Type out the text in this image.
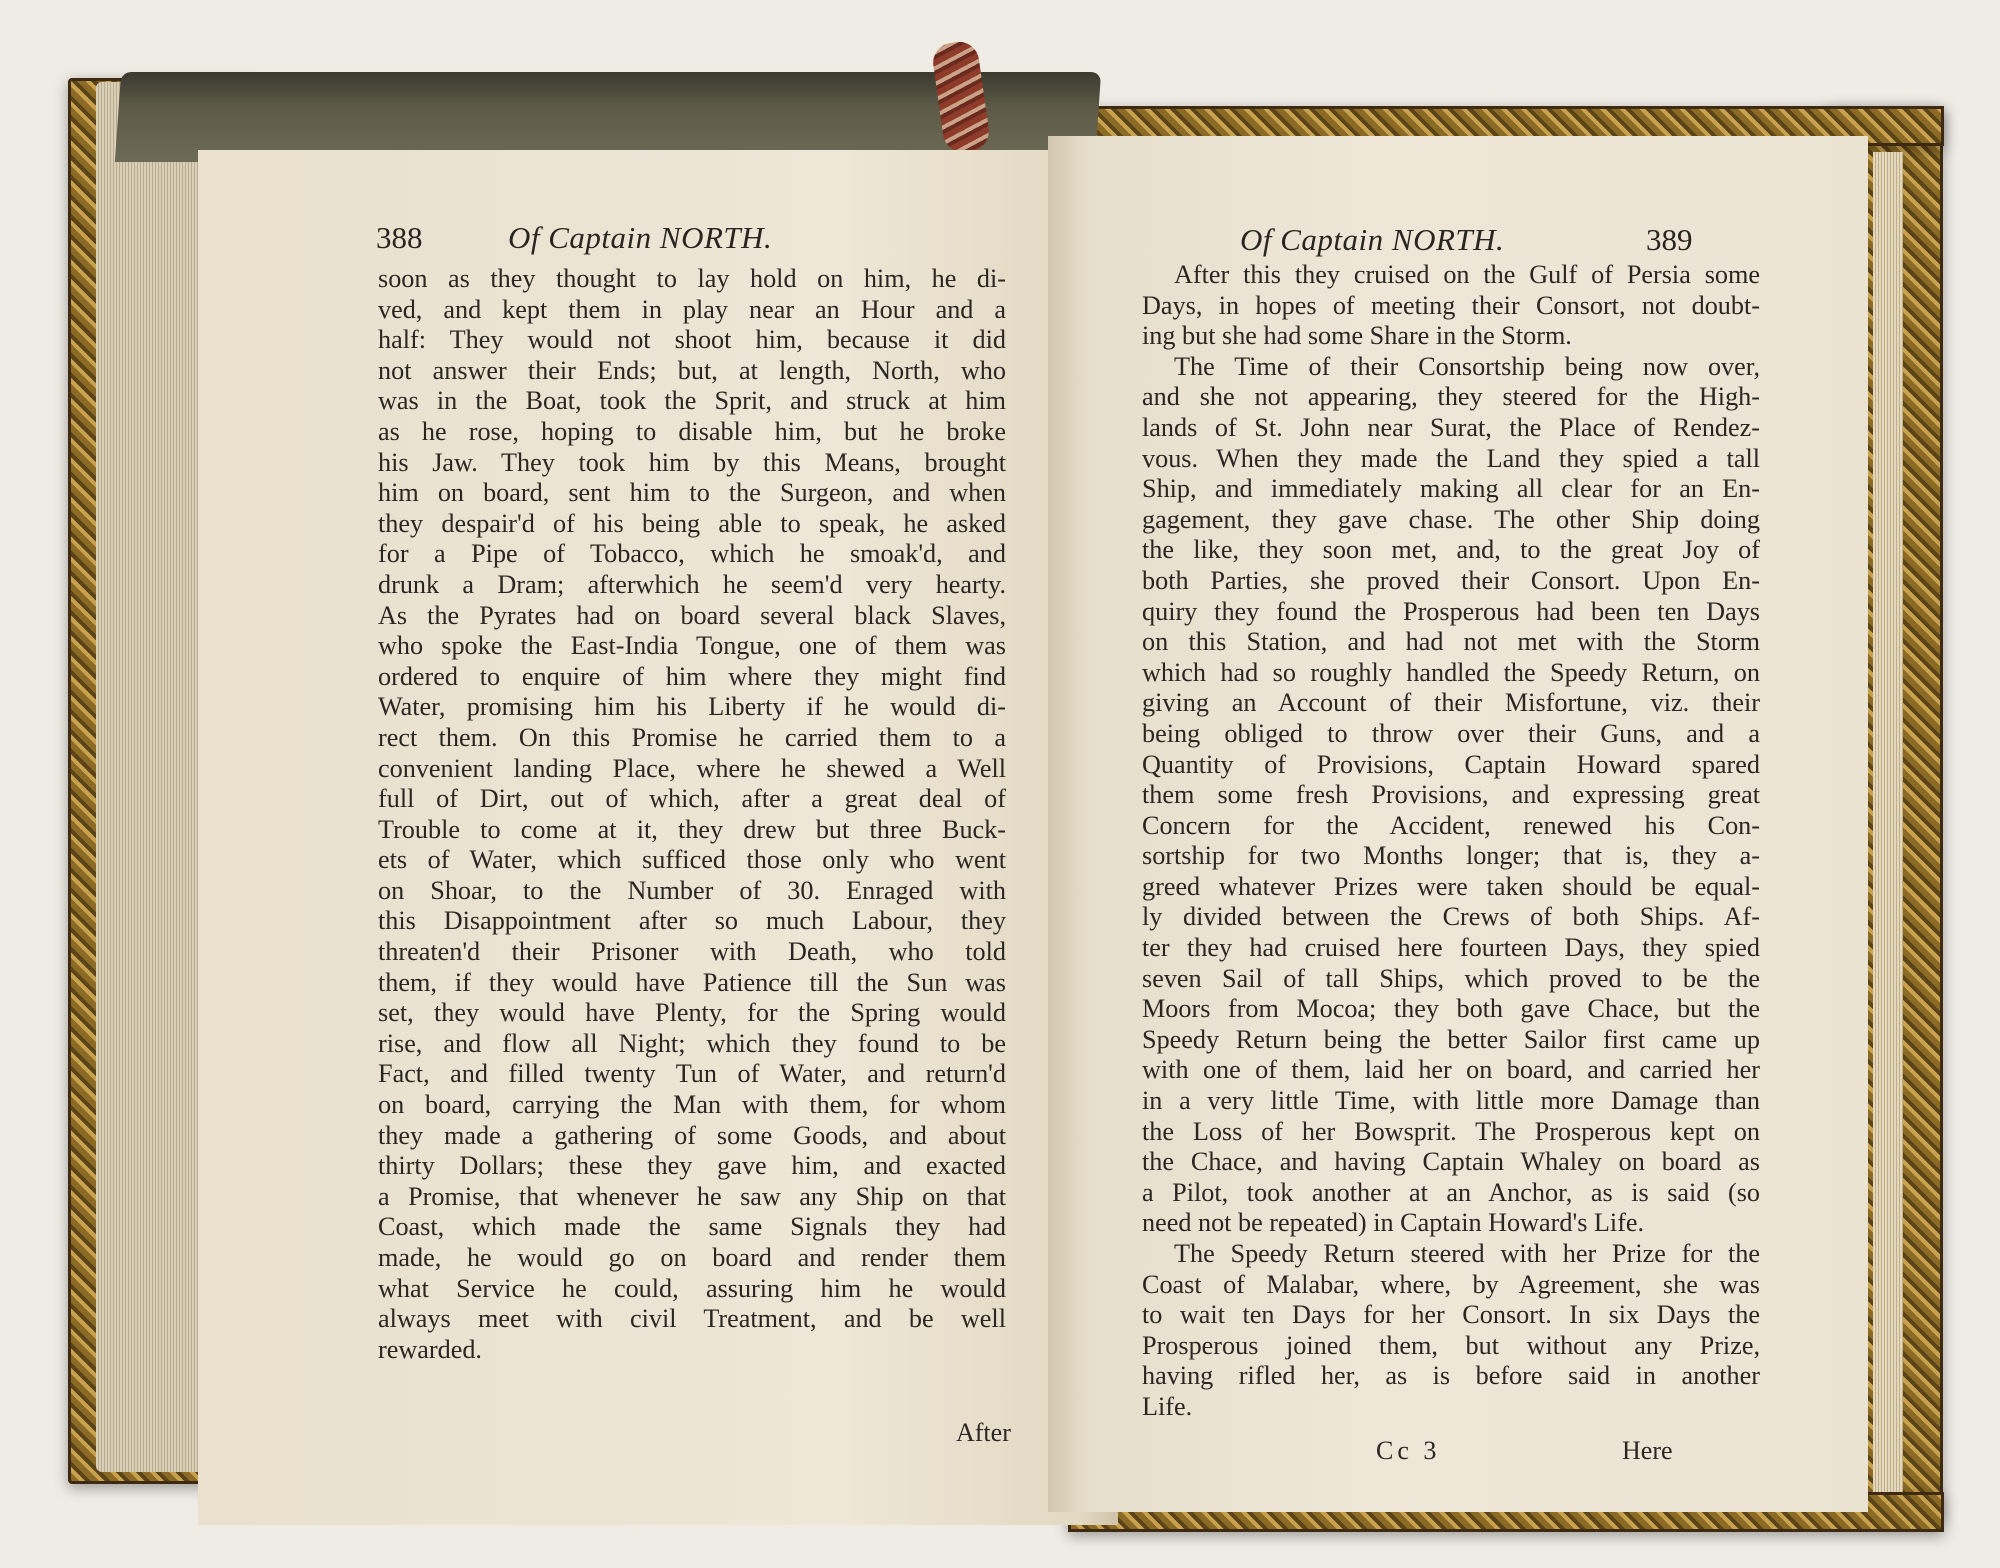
388	Of Captain NORTH.
soon as they thought to lay hold on him, he di-
ved, and kept them in play near an Hour and a
half: They would not shoot him, because it did
not answer their Ends; but, at length, North, who
was in the Boat, took the Sprit, and struck at him
as he rose, hoping to disable him, but he broke
his Jaw. They took him by this Means, brought
him on board, sent him to the Surgeon, and when
they despair'd of his being able to speak, he asked
for a Pipe of Tobacco, which he smoak'd, and
drunk a Dram; afterwhich he seem'd very hearty.
As the Pyrates had on board several black Slaves,
who spoke the East-India Tongue, one of them was
ordered to enquire of him where they might find
Water, promising him his Liberty if he would di-
rect them. On this Promise he carried them to a
convenient landing Place, where he shewed a Well
full of Dirt, out of which, after a great deal of
Trouble to come at it, they drew but three Buck-
ets of Water, which sufficed those only who went
on Shoar, to the Number of 30. Enraged with
this Disappointment after so much Labour, they
threaten'd their Prisoner with Death, who told
them, if they would have Patience till the Sun was
set, they would have Plenty, for the Spring would
rise, and flow all Night; which they found to be
Fact, and filled twenty Tun of Water, and return'd
on board, carrying the Man with them, for whom
they made a gathering of some Goods, and about
thirty Dollars; these they gave him, and exacted
a Promise, that whenever he saw any Ship on that
Coast, which made the same Signals they had
made, he would go on board and render them
what Service he could, assuring him he would
always meet with civil Treatment, and be well
rewarded.
After
Of Captain NORTH.	389
After this they cruised on the Gulf of Persia some
Days, in hopes of meeting their Consort, not doubt-
ing but she had some Share in the Storm.
The Time of their Consortship being now over,
and she not appearing, they steered for the High-
lands of St. John near Surat, the Place of Rendez-
vous. When they made the Land they spied a tall
Ship, and immediately making all clear for an En-
gagement, they gave chase. The other Ship doing
the like, they soon met, and, to the great Joy of
both Parties, she proved their Consort. Upon En-
quiry they found the Prosperous had been ten Days
on this Station, and had not met with the Storm
which had so roughly handled the Speedy Return, on
giving an Account of their Misfortune, viz. their
being obliged to throw over their Guns, and a
Quantity of Provisions, Captain Howard spared
them some fresh Provisions, and expressing great
Concern for the Accident, renewed his Con-
sortship for two Months longer; that is, they a-
greed whatever Prizes were taken should be equal-
ly divided between the Crews of both Ships. Af-
ter they had cruised here fourteen Days, they spied
seven Sail of tall Ships, which proved to be the
Moors from Mocoa; they both gave Chace, but the
Speedy Return being the better Sailor first came up
with one of them, laid her on board, and carried her
in a very little Time, with little more Damage than
the Loss of her Bowsprit. The Prosperous kept on
the Chace, and having Captain Whaley on board as
a Pilot, took another at an Anchor, as is said (so
need not be repeated) in Captain Howard's Life.
The Speedy Return steered with her Prize for the
Coast of Malabar, where, by Agreement, she was
to wait ten Days for her Consort. In six Days the
Prosperous joined them, but without any Prize,
having rifled her, as is before said in another
Life.
Cc 3	Here
